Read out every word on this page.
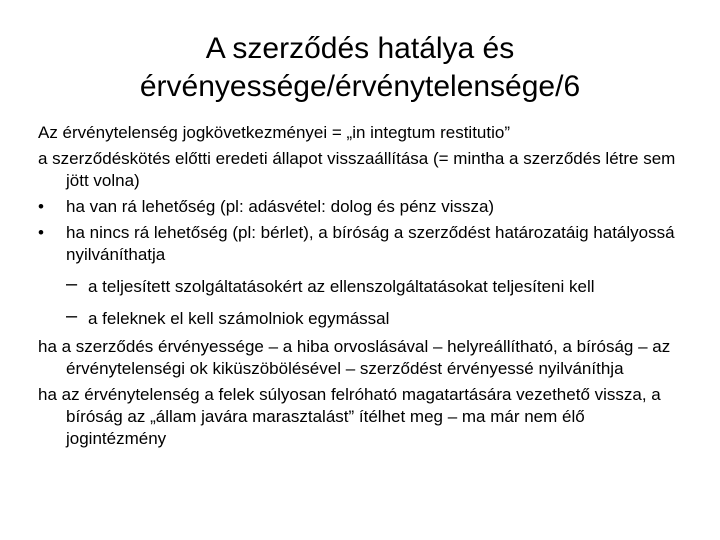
A szerződés hatálya és
érvényessége/érvénytelensége/6

Az érvénytelenség jogkövetkezményei = „in integtum restitutio”

a szerződéskötés előtti eredeti állapot visszaállítása (= mintha a szerződés létre sem jött volna)

• ha van rá lehetőség (pl: adásvétel: dolog és pénz vissza)
• ha nincs rá lehetőség (pl: bérlet), a bíróság a szerződést határozatáig hatályossá nyilváníthatja
– a teljesített szolgáltatásokért az ellenszolgáltatásokat teljesíteni kell
– a feleknek el kell számolniok egymással

ha a szerződés érvényessége – a hiba orvoslásával – helyreállítható, a bíróság – az érvénytelenségi ok kiküszöbölésével – szerződést érvényessé nyilváníthja

ha az érvénytelenség a felek súlyosan felróható magatartására vezethető vissza, a bíróság az „állam javára marasztalást” ítélhet meg – ma már nem élő jogintézmény
